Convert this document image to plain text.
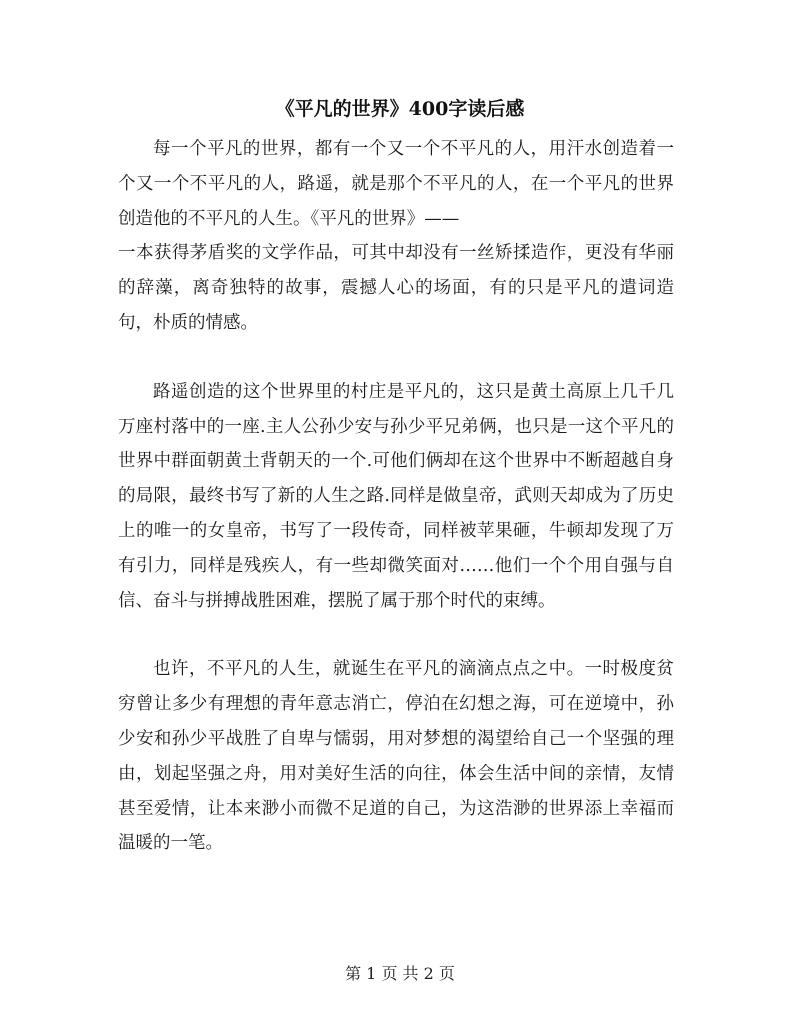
《平凡的世界》400字读后感

每一个平凡的世界，都有一个又一个不平凡的人，用汗水创造着一个又一个不平凡的人，路遥，就是那个不平凡的人，在一个平凡的世界创造他的不平凡的人生。《平凡的世界》——

一本获得茅盾奖的文学作品，可其中却没有一丝矫揉造作，更没有华丽的辞藻，离奇独特的故事，震撼人心的场面，有的只是平凡的遣词造句，朴质的情感。

路遥创造的这个世界里的村庄是平凡的，这只是黄土高原上几千几万座村落中的一座.主人公孙少安与孙少平兄弟俩，也只是一这个平凡的世界中群面朝黄土背朝天的一个.可他们俩却在这个世界中不断超越自身的局限，最终书写了新的人生之路.同样是做皇帝，武则天却成为了历史上的唯一的女皇帝，书写了一段传奇，同样被苹果砸，牛顿却发现了万有引力，同样是残疾人，有一些却微笑面对……他们一个个用自强与自信、奋斗与拼搏战胜困难，摆脱了属于那个时代的束缚。

也许，不平凡的人生，就诞生在平凡的滴滴点点之中。一时极度贫穷曾让多少有理想的青年意志消亡，停泊在幻想之海，可在逆境中，孙少安和孙少平战胜了自卑与懦弱，用对梦想的渴望给自己一个坚强的理由，划起坚强之舟，用对美好生活的向往，体会生活中间的亲情，友情甚至爱情，让本来渺小而微不足道的自己，为这浩渺的世界添上幸福而温暖的一笔。

第 1 页 共 2 页
